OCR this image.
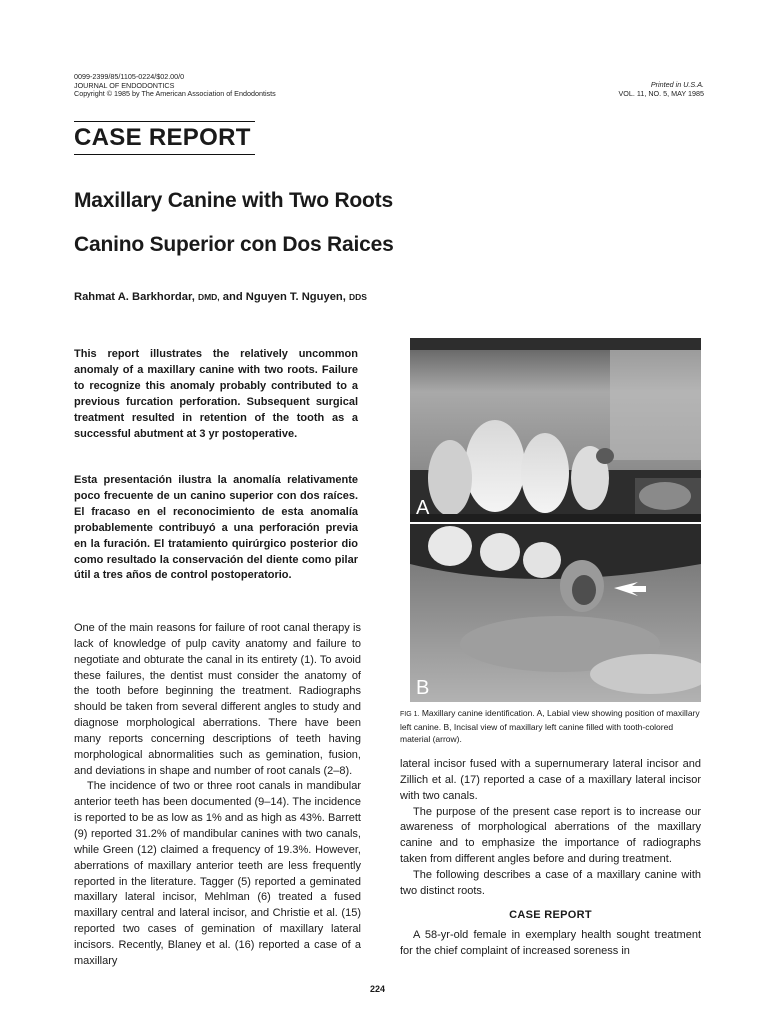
0099-2399/85/1105-0224/$02.00/0
JOURNAL OF ENDODONTICS
Copyright © 1985 by The American Association of Endodontists
Printed in U.S.A.
VOL. 11, NO. 5, MAY 1985
CASE REPORT
Maxillary Canine with Two Roots
Canino Superior con Dos Raices
Rahmat A. Barkhordar, DMD, and Nguyen T. Nguyen, DDS

This report illustrates the relatively uncommon anomaly of a maxillary canine with two roots. Failure to recognize this anomaly probably contributed to a previous furcation perforation. Subsequent surgical treatment resulted in retention of the tooth as a successful abutment at 3 yr postoperative.

Esta presentación ilustra la anomalía relativamente poco frecuente de un canino superior con dos raíces. El fracaso en el reconocimiento de esta anomalía probablemente contribuyó a una perforación previa en la furación. El tratamiento quirúrgico posterior dio como resultado la conservación del diente como pilar útil a tres años de control postoperatorio.

One of the main reasons for failure of root canal therapy is lack of knowledge of pulp cavity anatomy and failure to negotiate and obturate the canal in its entirety (1). To avoid these failures, the dentist must consider the anatomy of the tooth before beginning the treatment. Radiographs should be taken from several different angles to study and diagnose morphological aberrations. There have been many reports concerning descriptions of teeth having morphological abnormalities such as gemination, fusion, and deviations in shape and number of root canals (2–8).

The incidence of two or three root canals in mandibular anterior teeth has been documented (9–14). The incidence is reported to be as low as 1% and as high as 43%. Barrett (9) reported 31.2% of mandibular canines with two canals, while Green (12) claimed a frequency of 19.3%. However, aberrations of maxillary anterior teeth are less frequently reported in the literature. Tagger (5) reported a geminated maxillary lateral incisor, Mehlman (6) treated a fused maxillary central and lateral incisor, and Christie et al. (15) reported two cases of gemination of maxillary lateral incisors. Recently, Blaney et al. (16) reported a case of a maxillary

A
B
FIG 1. Maxillary canine identification. A, Labial view showing position of maxillary left canine. B, Incisal view of maxillary left canine filled with tooth-colored material (arrow).

lateral incisor fused with a supernumerary lateral incisor and Zillich et al. (17) reported a case of a maxillary lateral incisor with two canals.

The purpose of the present case report is to increase our awareness of morphological aberrations of the maxillary canine and to emphasize the importance of radiographs taken from different angles before and during treatment.

The following describes a case of a maxillary canine with two distinct roots.

CASE REPORT

A 58-yr-old female in exemplary health sought treatment for the chief complaint of increased soreness in

224
